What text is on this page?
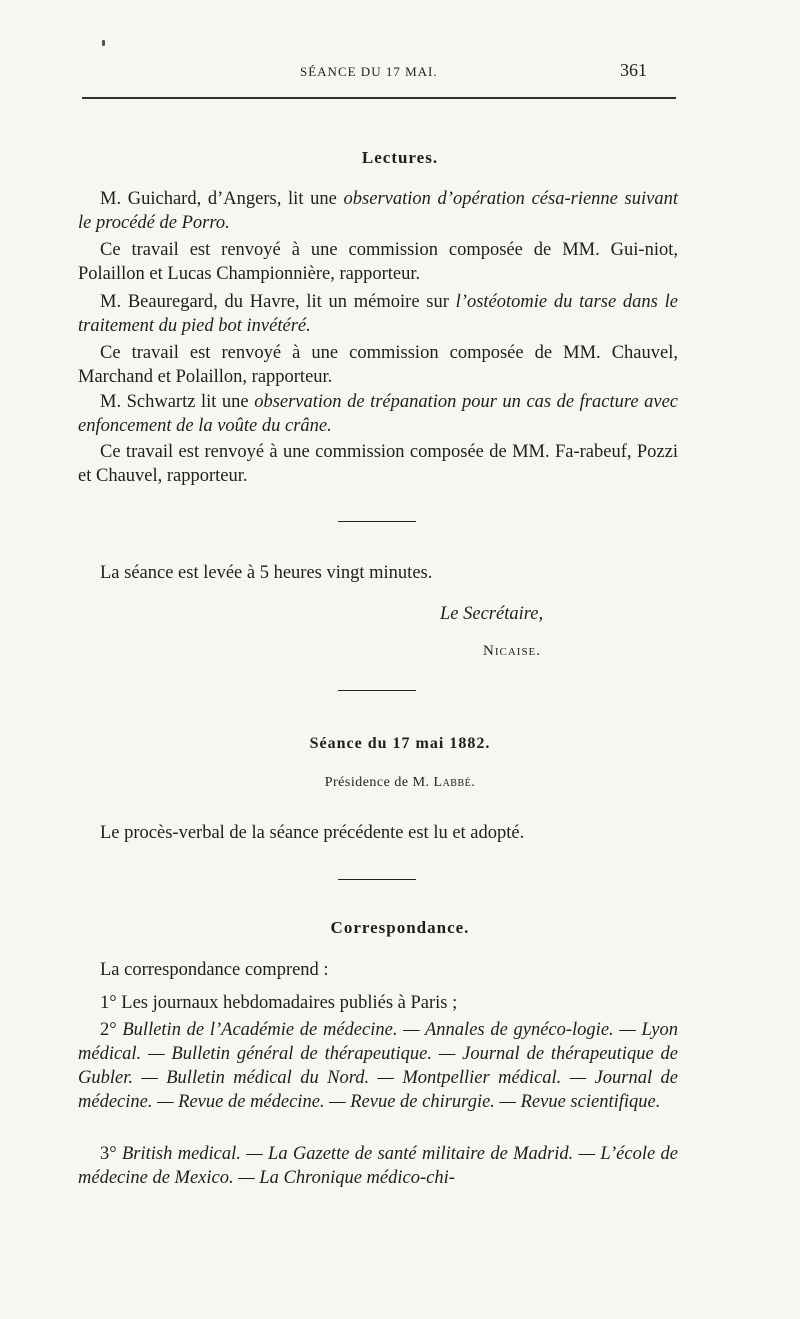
SÉANCE DU 17 MAI.	361
Lectures.
M. Guichard, d’Angers, lit une observation d’opération césa-rienne suivant le procédé de Porro.
Ce travail est renvoyé à une commission composée de MM. Gui-niot, Polaillon et Lucas Championnière, rapporteur.
M. Beauregard, du Havre, lit un mémoire sur l’ostéotomie du tarse dans le traitement du pied bot invétéré.
Ce travail est renvoyé à une commission composée de MM. Chauvel, Marchand et Polaillon, rapporteur.
M. Schwartz lit une observation de trépanation pour un cas de fracture avec enfoncement de la voûte du crâne.
Ce travail est renvoyé à une commission composée de MM. Fa-rabeuf, Pozzi et Chauvel, rapporteur.
La séance est levée à 5 heures vingt minutes.
Le Secrétaire,
Nicaise.
Séance du 17 mai 1882.
Présidence de M. Labbé.
Le procès-verbal de la séance précédente est lu et adopté.
Correspondance.
La correspondance comprend :
1° Les journaux hebdomadaires publiés à Paris ;
2° Bulletin de l’Académie de médecine. — Annales de gynéco-logie. — Lyon médical. — Bulletin général de thérapeutique. — Journal de thérapeutique de Gubler. — Bulletin médical du Nord. — Montpellier médical. — Journal de médecine. — Revue de médecine. — Revue de chirurgie. — Revue scientifique.
3° British medical. — La Gazette de santé militaire de Madrid. — L’école de médecine de Mexico. — La Chronique médico-chi-
